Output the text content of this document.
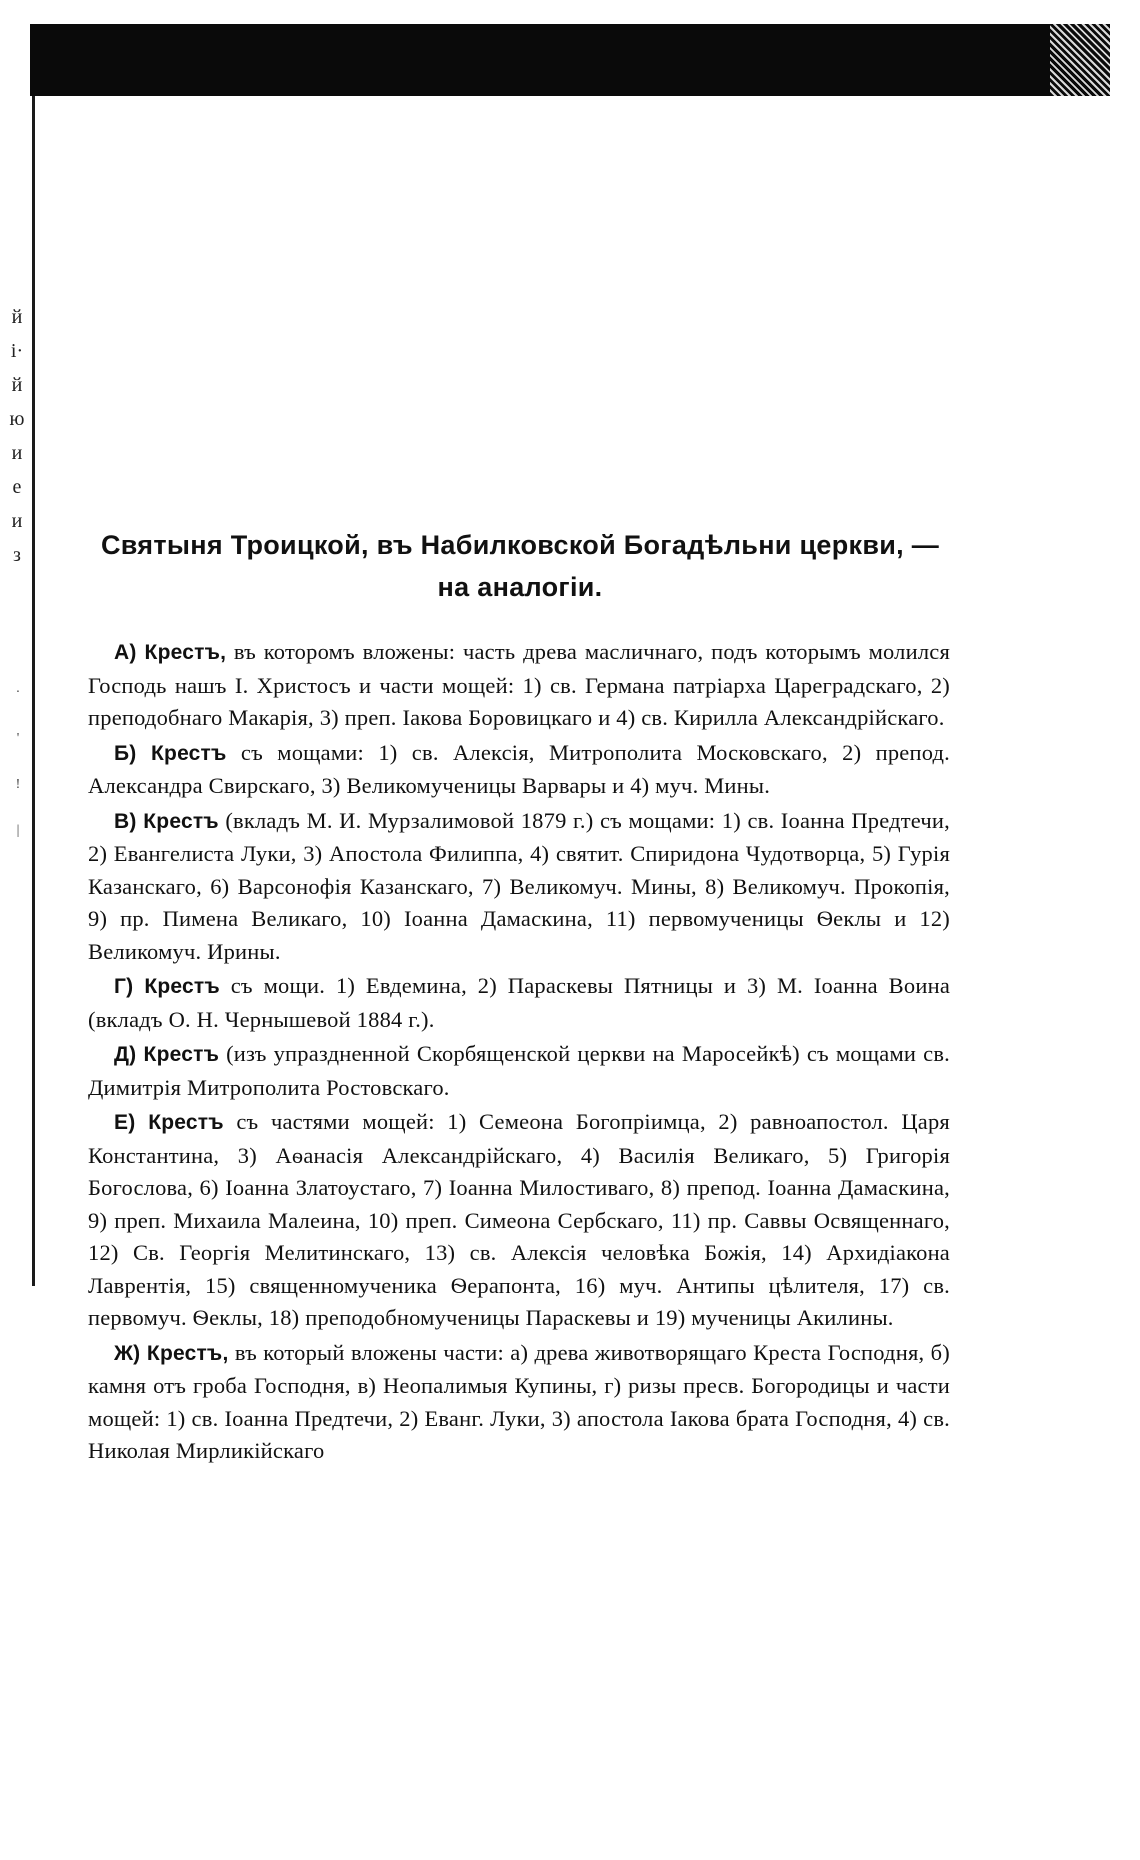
й
і·
й
ю
и
е
и
з
·
'
!
|
Святыня Троицкой, въ Набилковской Богадѣльни церкви, — на аналогіи.

А) Крестъ, въ которомъ вложены: часть древа масличнаго, подъ которымъ молился Господь нашъ І. Христосъ и части мощей: 1) св. Германа патріарха Цареградскаго, 2) преподобнаго Макарія, 3) преп. Іакова Боровицкаго и 4) св. Кирилла Александрійскаго.

Б) Крестъ съ мощами: 1) св. Алексія, Митрополита Московскаго, 2) препод. Александра Свирскаго, 3) Великомученицы Варвары и 4) муч. Мины.

В) Крестъ (вкладъ М. И. Мурзалимовой 1879 г.) съ мощами: 1) св. Іоанна Предтечи, 2) Евангелиста Луки, 3) Апостола Филиппа, 4) святит. Спиридона Чудотворца, 5) Гурія Казанскаго, 6) Варсонофія Казанскаго, 7) Великомуч. Мины, 8) Великомуч. Прокопія, 9) пр. Пимена Великаго, 10) Іоанна Дамаскина, 11) первомученицы Ѳеклы и 12) Великомуч. Ирины.

Г) Крестъ съ мощи. 1) Евдемина, 2) Параскевы Пятницы и 3) М. Іоанна Воина (вкладъ О. Н. Чернышевой 1884 г.).

Д) Крестъ (изъ упраздненной Скорбященской церкви на Маросейкѣ) съ мощами св. Димитрія Митрополита Ростовскаго.

Е) Крестъ съ частями мощей: 1) Семеона Богопріимца, 2) равноапостол. Царя Константина, 3) Аѳанасія Александрійскаго, 4) Василія Великаго, 5) Григорія Богослова, 6) Іоанна Златоустаго, 7) Іоанна Милостиваго, 8) препод. Іоанна Дамаскина, 9) преп. Михаила Малеина, 10) преп. Симеона Сербскаго, 11) пр. Саввы Освященнаго, 12) Св. Георгія Мелитинскаго, 13) св. Алексія человѣка Божія, 14) Архидіакона Лаврентія, 15) священномученика Ѳерапонта, 16) муч. Антипы цѣлителя, 17) св. первомуч. Ѳеклы, 18) преподобномученицы Параскевы и 19) мученицы Акилины.

Ж) Крестъ, въ который вложены части: а) древа животворящаго Креста Господня, б) камня отъ гроба Господня, в) Неопалимыя Купины, г) ризы пресв. Богородицы и части мощей: 1) св. Іоанна Предтечи, 2) Еванг. Луки, 3) апостола Іакова брата Господня, 4) св. Николая Мирликійскаго
